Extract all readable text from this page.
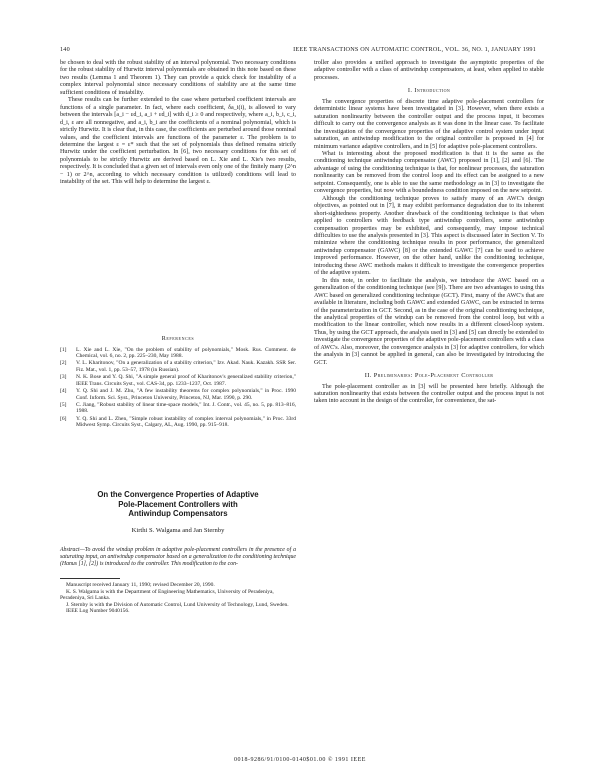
140	IEEE TRANSACTIONS ON AUTOMATIC CONTROL, VOL. 36, NO. 1, JANUARY 1991

be chosen to deal with the robust stability of an interval polynomial. Two necessary conditions for the robust stability of Hurwitz interval polynomials are obtained in this note based on these two results (Lemma 1 and Theorem 1). They can provide a quick check for instability of a complex interval polynomial since necessary conditions of stability are at the same time sufficient conditions of instability.

These results can be further extended to the case where perturbed coefficient intervals are functions of a single parameter. In fact, where each coefficient, δa_i(i), is allowed to vary between the intervals [a_i − εd_i, a_i + εd_i] with d_i ≥ 0 and respectively, where a_i, b_i, c_i, d_i, ε are all nonnegative, and a_i, b_i are the coefficients of a nominal polynomial, which is strictly Hurwitz. It is clear that, in this case, the coefficients are perturbed around those nominal values, and the coefficient intervals are functions of the parameter ε. The problem is to determine the largest ε = ε* such that the set of polynomials thus defined remains strictly Hurwitz under the coefficient perturbation. In [6], two necessary conditions for this set of polynomials to be strictly Hurwitz are derived based on L. Xie and L. Xie's two results, respectively. It is concluded that a given set of intervals even only one of the finitely many (2^n − 1) or 2^n, according to which necessary condition is utilized) conditions will lead to instability of the set. This will help to determine the largest ε.

References
[1]	L. Xie and L. Xie, "On the problem of stability of polynomials," Mosk. Rus. Comment. de Chemical, vol. 6, no. 2, pp. 225–230, May 1988.
[2]	V. L. Kharitonov, "On a generalization of a stability criterion," Izv. Akad. Nauk. Kazakh. SSR Ser. Fiz. Mat., vol. 1, pp. 53–57, 1978 (in Russian).
[3]	N. K. Bose and Y. Q. Shi, "A simple general proof of Kharitonov's generalized stability criterion," IEEE Trans. Circuits Syst., vol. CAS-34, pp. 1233–1237, Oct. 1987.
[4]	Y. Q. Shi and J. M. Zhu, "A few instability theorems for complex polynomials," in Proc. 1990 Conf. Inform. Sci. Syst., Princeton University, Princeton, NJ, Mar. 1990, p. 290.
[5]	C. Jiang, "Robust stability of linear time-space models," Int. J. Contr., vol. 45, no. 5, pp. 813–816, 1988.
[6]	Y. Q. Shi and L. Zhen, "Simple robust instability of complex interval polynomials," in Proc. 33rd Midwest Symp. Circuits Syst., Calgary, AL, Aug. 1990, pp. 915–918.
On the Convergence Properties of Adaptive
Pole-Placement Controllers with
Antiwindup Compensators
Kirthi S. Walgama and Jan Sternby
Abstract—To avoid the windup problem in adaptive pole-placement controllers in the presence of a saturating input, an antiwindup compensator based on a generalization to the conditioning technique (Hanus [1], [2]) is introduced to the controller. This modification to the con-

Manuscript received January 11, 1990; revised December 20, 1990.

K. S. Walgama is with the Department of Engineering Mathematics, University of Peradeniya, Peradeniya, Sri Lanka.

J. Sternby is with the Division of Automatic Control, Lund University of Technology, Lund, Sweden.

IEEE Log Number 9040156.

troller also provides a unified approach to investigate the asymptotic properties of the adaptive controller with a class of antiwindup compensators, at least, when applied to stable processes.

I. Introduction

The convergence properties of discrete time adaptive pole-placement controllers for deterministic linear systems have been investigated in [3]. However, when there exists a saturation nonlinearity between the controller output and the process input, it becomes difficult to carry out the convergence analysis as it was done in the linear case. To facilitate the investigation of the convergence properties of the adaptive control system under input saturation, an antiwindup modification to the original controller is proposed in [4] for minimum variance adaptive controllers, and in [5] for adaptive pole-placement controllers.

What is interesting about the proposed modification is that it is the same as the conditioning technique antiwindup compensator (AWC) proposed in [1], [2] and [6]. The advantage of using the conditioning technique is that, for nonlinear processes, the saturation nonlinearity can be removed from the control loop and its effect can be assigned to a new setpoint. Consequently, one is able to use the same methodology as in [3] to investigate the convergence properties, but now with a boundedness condition imposed on the new setpoint.

Although the conditioning technique proves to satisfy many of an AWC's design objectives, as pointed out in [7], it may exhibit performance degradation due to its inherent short-sightedness property. Another drawback of the conditioning technique is that when applied to controllers with feedback type antiwindup controllers, some antiwindup compensation properties may be exhibited, and consequently, may impose technical difficulties to use the analysis presented in [3]. This aspect is discussed later in Section V. To minimize where the conditioning technique results in poor performance, the generalized antiwindup compensator (GAWC) [8] or the extended GAWC [7] can be used to achieve improved performance. However, on the other hand, unlike the conditioning technique, introducing these AWC methods makes it difficult to investigate the convergence properties of the adaptive system.

In this note, in order to facilitate the analysis, we introduce the AWC based on a generalization of the conditioning technique (see [9]). There are two advantages to using this AWC based on generalized conditioning technique (GCT). First, many of the AWC's that are available in literature, including both GAWC and extended GAWC, can be extracted in terms of the parameterization in GCT. Second, as in the case of the original conditioning technique, the analytical properties of the windup can be removed from the control loop, but with a modification to the linear controller, which now results in a different closed-loop system. Thus, by using the GCT approach, the analysis used in [3] and [5] can directly be extended to investigate the convergence properties of the adaptive pole-placement controllers with a class of AWC's. Also, moreover, the convergence analysis in [3] for adaptive controllers, for which the analysis in [3] cannot be applied in general, can also be investigated by introducing the GCT.

II. Preliminaries: Pole-Placement Controller

The pole-placement controller as in [3] will be presented here briefly. Although the saturation nonlinearity that exists between the controller output and the process input is not taken into account in the design of the controller, for convenience, the sat-

0018-9286/91/0100-0140$01.00 © 1991 IEEE
